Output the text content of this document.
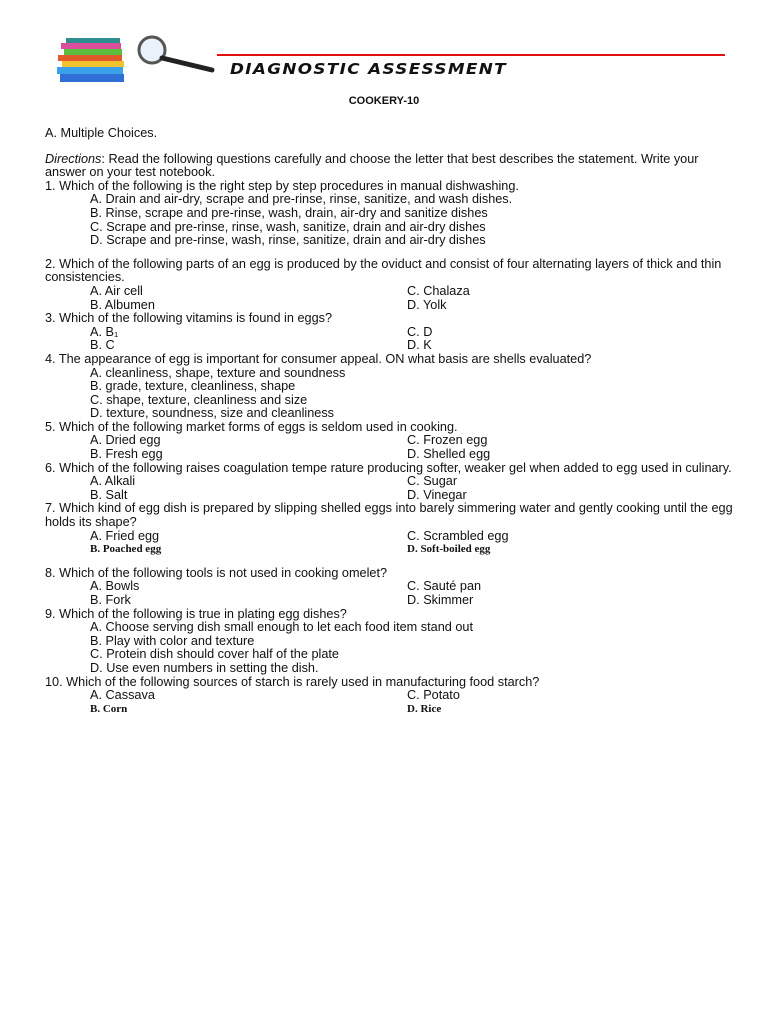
DIAGNOSTIC ASSESSMENT
COOKERY-10
A. Multiple Choices.
Directions: Read the following questions carefully and choose the letter that best describes the statement. Write your answer on your test notebook.
1. Which of the following is the right step by step procedures in manual dishwashing.
A. Drain and air-dry, scrape and pre-rinse, rinse, sanitize, and wash dishes.
B. Rinse, scrape and pre-rinse, wash, drain, air-dry and sanitize dishes
C. Scrape and pre-rinse, rinse, wash, sanitize, drain and air-dry dishes
D. Scrape and pre-rinse, wash, rinse, sanitize, drain and air-dry dishes
2. Which of the following parts of an egg is produced by the oviduct and consist of four alternating layers of thick and thin consistencies.
A. Air cell	C. Chalaza
B. Albumen	D. Yolk
3. Which of the following vitamins is found in eggs?
A. B₁	C. D
B. C	D. K
4. The appearance of egg is important for consumer appeal. ON what basis are shells evaluated?
A. cleanliness, shape, texture and soundness
B. grade, texture, cleanliness, shape
C. shape, texture, cleanliness and size
D. texture, soundness, size and cleanliness
5. Which of the following market forms of eggs is seldom used in cooking.
A. Dried egg	C. Frozen egg
B. Fresh egg	D. Shelled egg
6. Which of the following raises coagulation tempe rature producing softer, weaker gel when added to egg used in culinary.
A. Alkali	C. Sugar
B. Salt	D. Vinegar
7. Which kind of egg dish is prepared by slipping shelled eggs into barely simmering water and gently cooking until the egg holds its shape?
A. Fried egg	C. Scrambled egg
B. Poached egg	D. Soft-boiled egg
8. Which of the following tools is not used in cooking omelet?
A. Bowls	C. Sauté pan
B. Fork	D. Skimmer
9. Which of the following is true in plating egg dishes?
A. Choose serving dish small enough to let each food item stand out
B. Play with color and texture
C. Protein dish should cover half of the plate
D. Use even numbers in setting the dish.
10. Which of the following sources of starch is rarely used in manufacturing food starch?
A. Cassava	C. Potato
B. Corn	D. Rice
